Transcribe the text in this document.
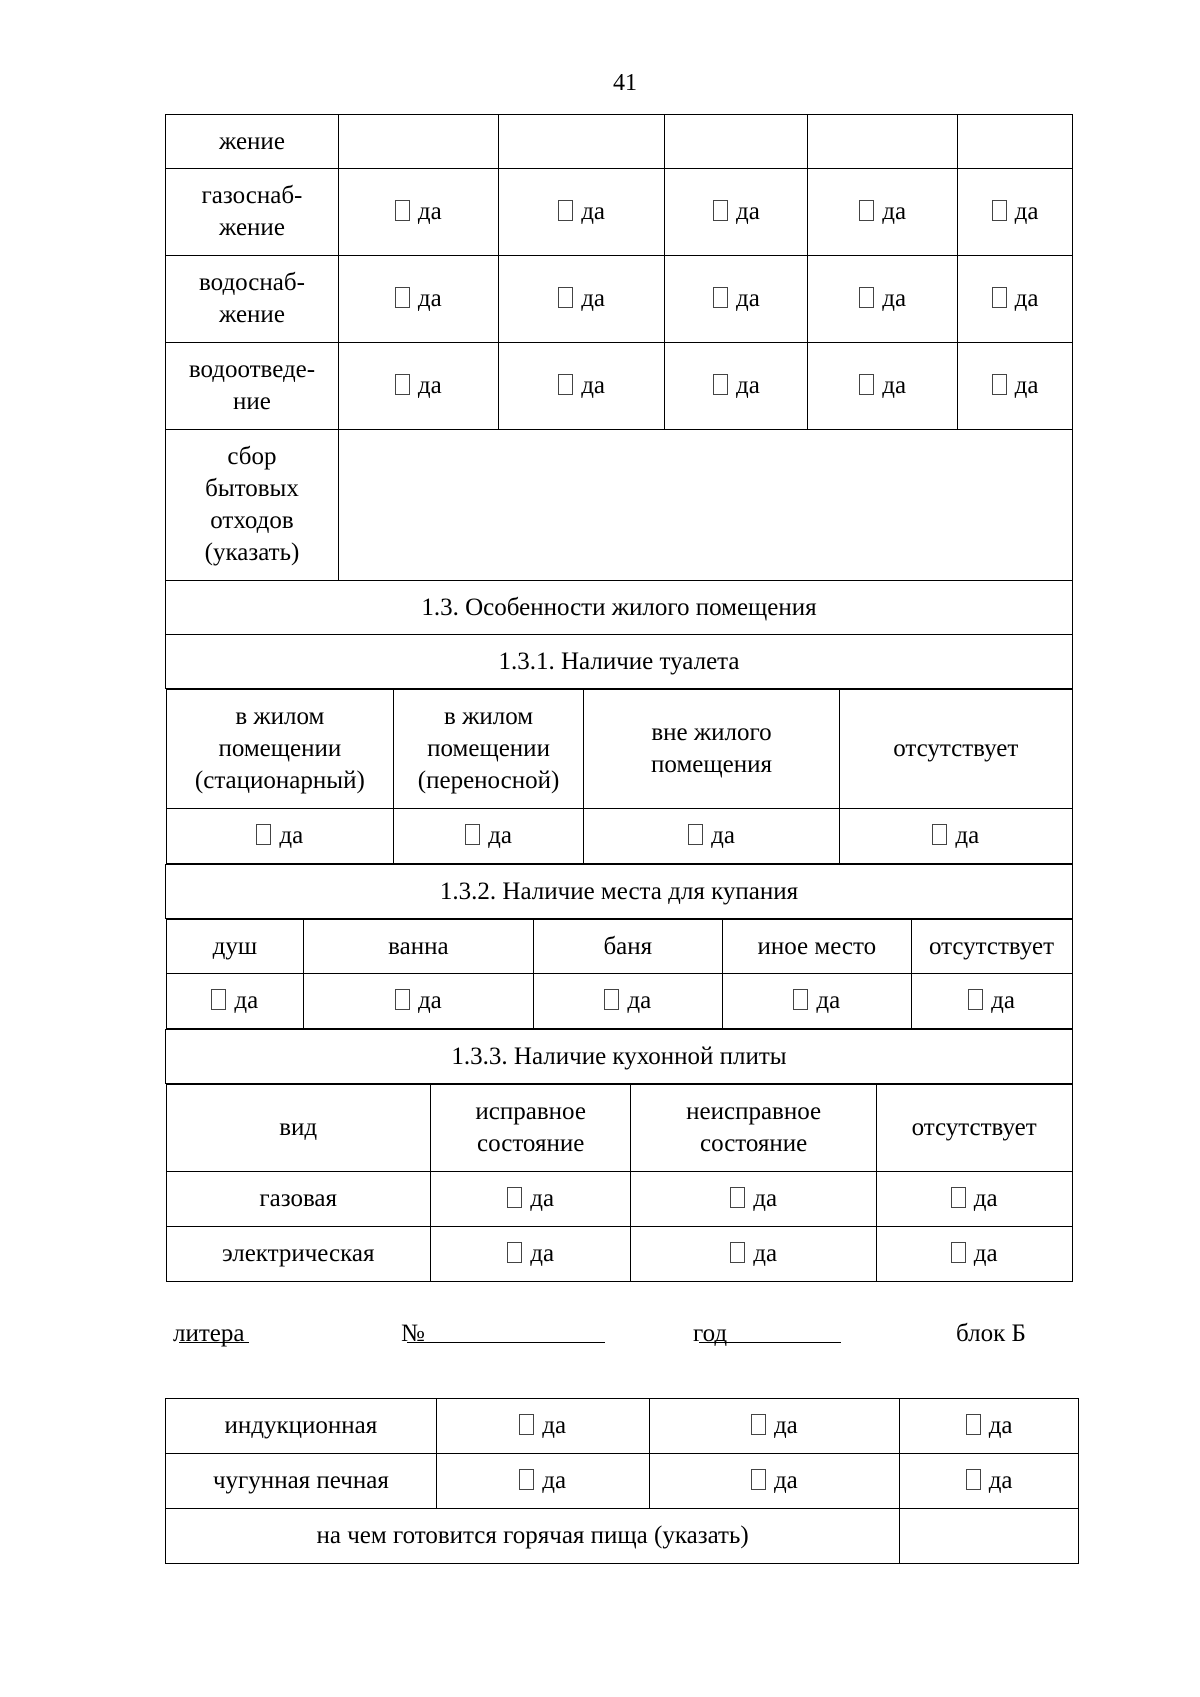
41
жение					
газоснаб-
жение	да	да	да	да	да
водоснаб-
жение	да	да	да	да	да
водоотведе-
ние	да	да	да	да	да
сбор
бытовых
отходов
(указать)	
1.3. Особенности жилого помещения
1.3.1. Наличие туалета

в жилом
помещении
(стационарный)	в жилом
помещении
(переносной)	вне жилого
помещения	отсутствует
да	да	да	да

1.3.2. Наличие места для купания

душ	ванна	баня	иное место	отсутствует
да	да	да	да	да

1.3.3. Наличие кухонной плиты

вид	исправное
состояние	неисправное
состояние	отсутствует
газовая	да	да	да
электрическая	да	да	да
литера	№	год	блок Б
индукционная	да	да	да
чугунная печная	да	да	да
на чем готовится горячая пища (указать)			
